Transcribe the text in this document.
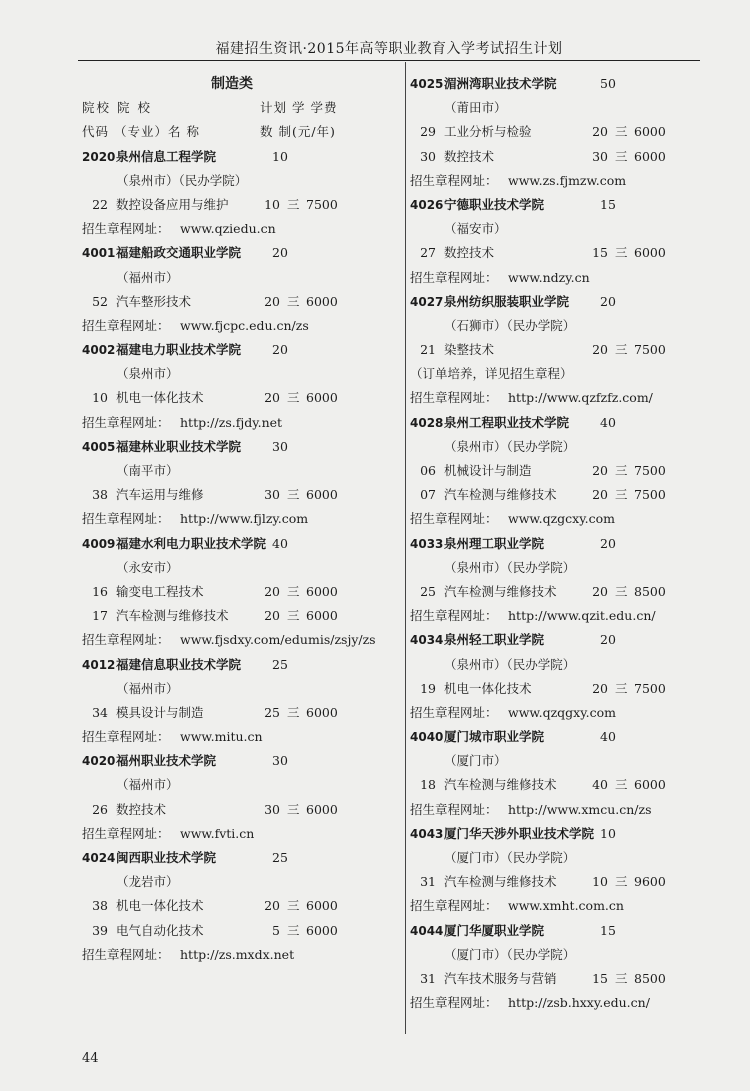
福建招生资讯·2015年高等职业教育入学考试招生计划
制造类
院校 院 校	计划 学 学费
代码 （专业）名 称	数 制(元/年)
2020 泉州信息工程学院	10
（泉州市）（民办学院）
22 数控设备应用与维护	10 三 7500
招生章程网址： www.qziedu.cn
4001 福建船政交通职业学院 20
（福州市）
52 汽车整形技术	20 三 6000
招生章程网址： www.fjcpc.edu.cn/zs
4002 福建电力职业技术学院 20
（泉州市）
10 机电一体化技术	20 三 6000
招生章程网址： http://zs.fjdy.net
4005 福建林业职业技术学院 30
（南平市）
38 汽车运用与维修	30 三 6000
招生章程网址： http://www.fjlzy.com
4009 福建水利电力职业技术学院 40
（永安市）
16 输变电工程技术	20 三 6000
17 汽车检测与维修技术	20 三 6000
招生章程网址： www.fjsdxy.com/edumis/zsjy/zs
4012 福建信息职业技术学院 25
（福州市）
34 模具设计与制造	25 三 6000
招生章程网址： www.mitu.cn
4020 福州职业技术学院	30
（福州市）
26 数控技术	30 三 6000
招生章程网址： www.fvti.cn
4024 闽西职业技术学院	25
（龙岩市）
38 机电一体化技术	20 三 6000
39 电气自动化技术	5 三 6000
招生章程网址： http://zs.mxdx.net
4025 湄洲湾职业技术学院	50
（莆田市）
29 工业分析与检验	20 三 6000
30 数控技术	30 三 6000
招生章程网址： www.zs.fjmzw.com
4026 宁德职业技术学院	15
（福安市）
27 数控技术	15 三 6000
招生章程网址： www.ndzy.cn
4027 泉州纺织服装职业学院 20
（石狮市）（民办学院）
21 染整技术	20 三 7500
（订单培养，详见招生章程）
招生章程网址： http://www.qzfzfz.com/
4028 泉州工程职业技术学院 40
（泉州市）（民办学院）
06 机械设计与制造	20 三 7500
07 汽车检测与维修技术	20 三 7500
招生章程网址： www.qzgcxy.com
4033 泉州理工职业学院	20
（泉州市）（民办学院）
25 汽车检测与维修技术	20 三 8500
招生章程网址： http://www.qzit.edu.cn/
4034 泉州轻工职业学院	20
（泉州市）（民办学院）
19 机电一体化技术	20 三 7500
招生章程网址： www.qzqgxy.com
4040 厦门城市职业学院	40
（厦门市）
18 汽车检测与维修技术	40 三 6000
招生章程网址： http://www.xmcu.cn/zs
4043 厦门华天涉外职业技术学院 10
（厦门市）（民办学院）
31 汽车检测与维修技术	10 三 9600
招生章程网址： www.xmht.com.cn
4044 厦门华厦职业学院	15
（厦门市）（民办学院）
31 汽车技术服务与营销	15 三 8500
招生章程网址： http://zsb.hxxy.edu.cn/
44
